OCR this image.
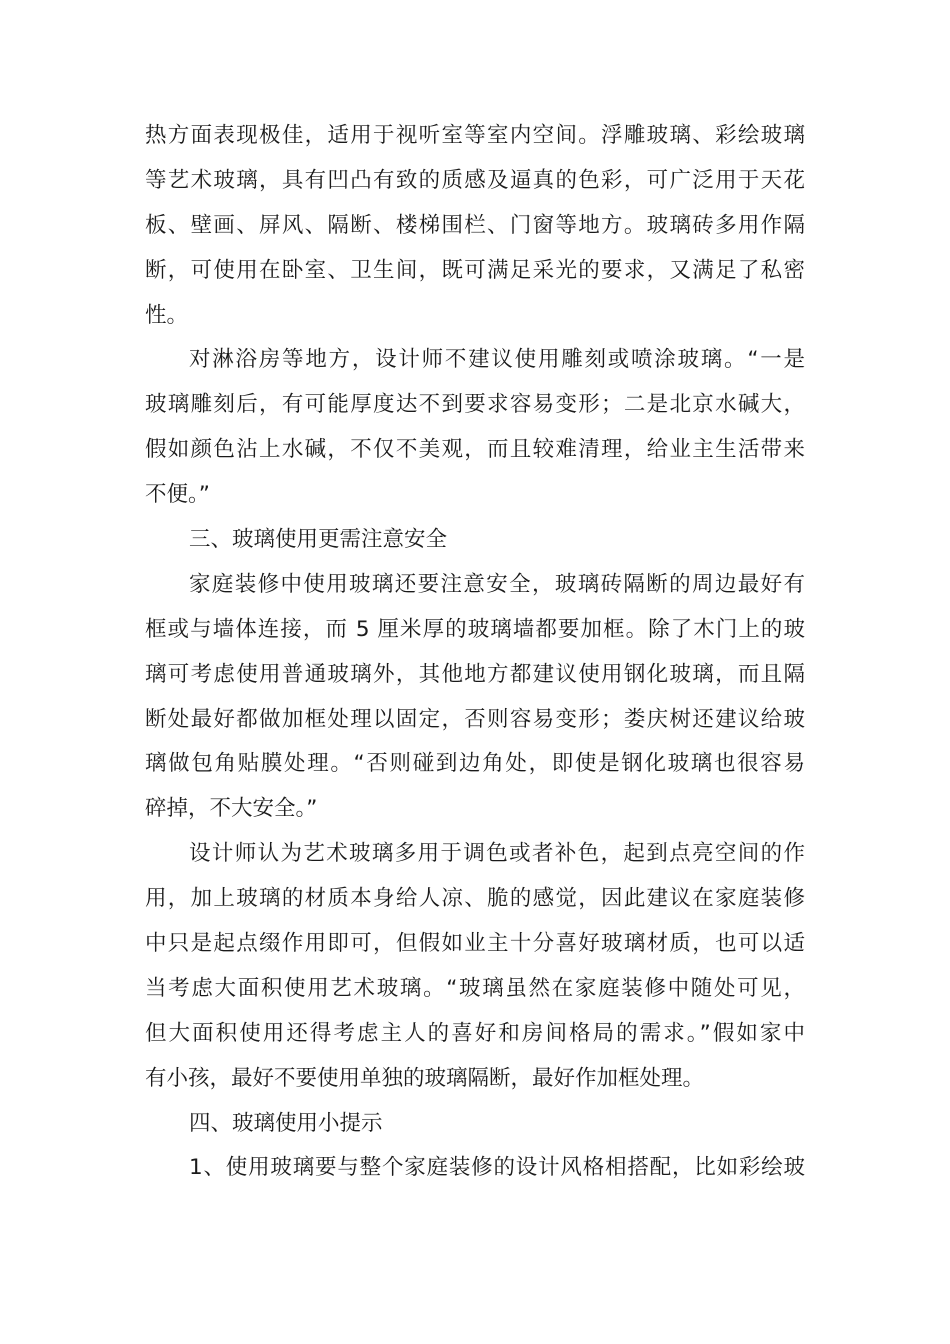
热方面表现极佳，适用于视听室等室内空间。浮雕玻璃、彩绘玻璃
等艺术玻璃，具有凹凸有致的质感及逼真的色彩，可广泛用于天花
板、壁画、屏风、隔断、楼梯围栏、门窗等地方。玻璃砖多用作隔
断，可使用在卧室、卫生间，既可满足采光的要求，又满足了私密
性。
对淋浴房等地方，设计师不建议使用雕刻或喷涂玻璃。“一是
玻璃雕刻后，有可能厚度达不到要求容易变形；二是北京水碱大，
假如颜色沾上水碱，不仅不美观，而且较难清理，给业主生活带来
不便。”
三、玻璃使用更需注意安全
家庭装修中使用玻璃还要注意安全，玻璃砖隔断的周边最好有
框或与墙体连接，而 5 厘米厚的玻璃墙都要加框。除了木门上的玻
璃可考虑使用普通玻璃外，其他地方都建议使用钢化玻璃，而且隔
断处最好都做加框处理以固定，否则容易变形；娄庆树还建议给玻
璃做包角贴膜处理。“否则碰到边角处，即使是钢化玻璃也很容易
碎掉，不大安全。”
设计师认为艺术玻璃多用于调色或者补色，起到点亮空间的作
用，加上玻璃的材质本身给人凉、脆的感觉，因此建议在家庭装修
中只是起点缀作用即可，但假如业主十分喜好玻璃材质，也可以适
当考虑大面积使用艺术玻璃。“玻璃虽然在家庭装修中随处可见，
但大面积使用还得考虑主人的喜好和房间格局的需求。”假如家中
有小孩，最好不要使用单独的玻璃隔断，最好作加框处理。
四、玻璃使用小提示
1、使用玻璃要与整个家庭装修的设计风格相搭配，比如彩绘玻
